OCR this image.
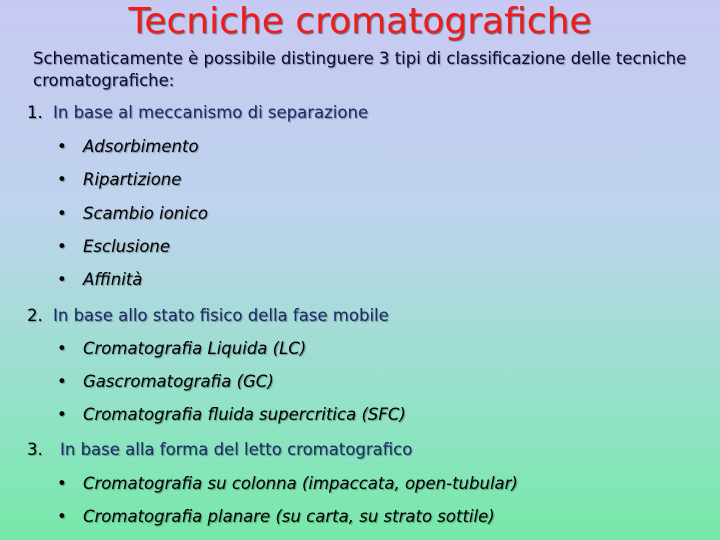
Tecniche cromatografiche
Schematicamente è possibile distinguere 3 tipi di classificazione delle tecniche cromatografiche:
1. In base al meccanismo di separazione
• Adsorbimento
• Ripartizione
• Scambio ionico
• Esclusione
• Affinità
2. In base allo stato fisico della fase mobile
• Cromatografia Liquida (LC)
• Gascromatografia (GC)
• Cromatografia fluida supercritica (SFC)
3. In base alla forma del letto cromatografico
• Cromatografia su colonna (impaccata, open-tubular)
• Cromatografia planare (su carta, su strato sottile)
